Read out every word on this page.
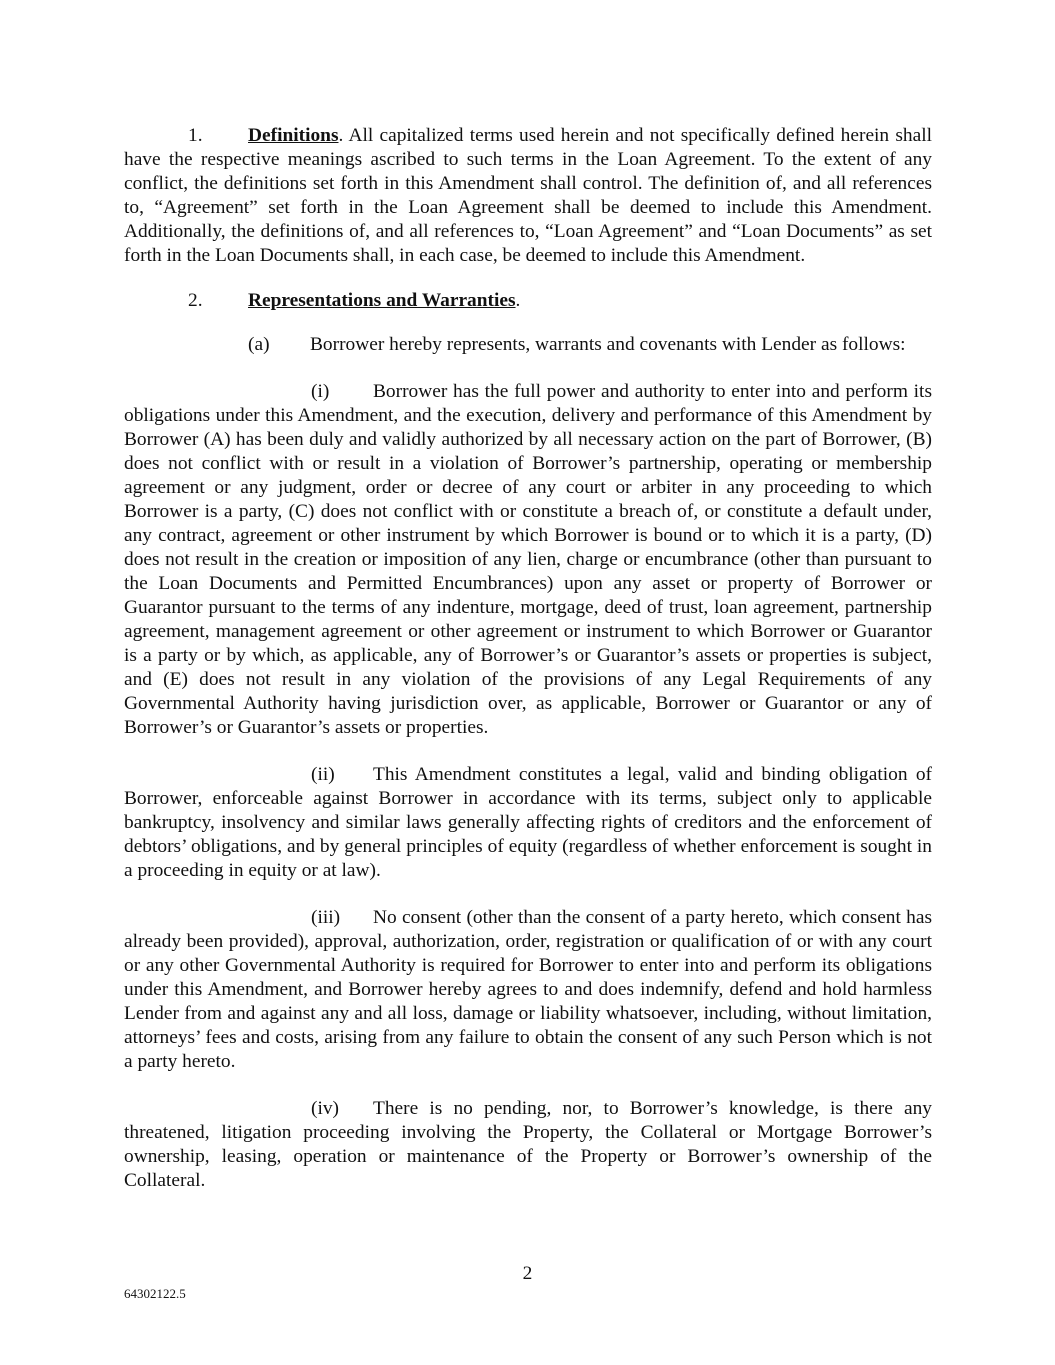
1. Definitions. All capitalized terms used herein and not specifically defined herein shall have the respective meanings ascribed to such terms in the Loan Agreement. To the extent of any conflict, the definitions set forth in this Amendment shall control. The definition of, and all references to, “Agreement” set forth in the Loan Agreement shall be deemed to include this Amendment. Additionally, the definitions of, and all references to, “Loan Agreement” and “Loan Documents” as set forth in the Loan Documents shall, in each case, be deemed to include this Amendment.

2. Representations and Warranties.

(a) Borrower hereby represents, warrants and covenants with Lender as follows:

(i) Borrower has the full power and authority to enter into and perform its obligations under this Amendment, and the execution, delivery and performance of this Amendment by Borrower (A) has been duly and validly authorized by all necessary action on the part of Borrower, (B) does not conflict with or result in a violation of Borrower’s partnership, operating or membership agreement or any judgment, order or decree of any court or arbiter in any proceeding to which Borrower is a party, (C) does not conflict with or constitute a breach of, or constitute a default under, any contract, agreement or other instrument by which Borrower is bound or to which it is a party, (D) does not result in the creation or imposition of any lien, charge or encumbrance (other than pursuant to the Loan Documents and Permitted Encumbrances) upon any asset or property of Borrower or Guarantor pursuant to the terms of any indenture, mortgage, deed of trust, loan agreement, partnership agreement, management agreement or other agreement or instrument to which Borrower or Guarantor is a party or by which, as applicable, any of Borrower’s or Guarantor’s assets or properties is subject, and (E) does not result in any violation of the provisions of any Legal Requirements of any Governmental Authority having jurisdiction over, as applicable, Borrower or Guarantor or any of Borrower’s or Guarantor’s assets or properties.

(ii) This Amendment constitutes a legal, valid and binding obligation of Borrower, enforceable against Borrower in accordance with its terms, subject only to applicable bankruptcy, insolvency and similar laws generally affecting rights of creditors and the enforcement of debtors’ obligations, and by general principles of equity (regardless of whether enforcement is sought in a proceeding in equity or at law).

(iii) No consent (other than the consent of a party hereto, which consent has already been provided), approval, authorization, order, registration or qualification of or with any court or any other Governmental Authority is required for Borrower to enter into and perform its obligations under this Amendment, and Borrower hereby agrees to and does indemnify, defend and hold harmless Lender from and against any and all loss, damage or liability whatsoever, including, without limitation, attorneys’ fees and costs, arising from any failure to obtain the consent of any such Person which is not a party hereto.

(iv) There is no pending, nor, to Borrower’s knowledge, is there any threatened, litigation proceeding involving the Property, the Collateral or Mortgage Borrower’s ownership, leasing, operation or maintenance of the Property or Borrower’s ownership of the Collateral.

2
64302122.5
